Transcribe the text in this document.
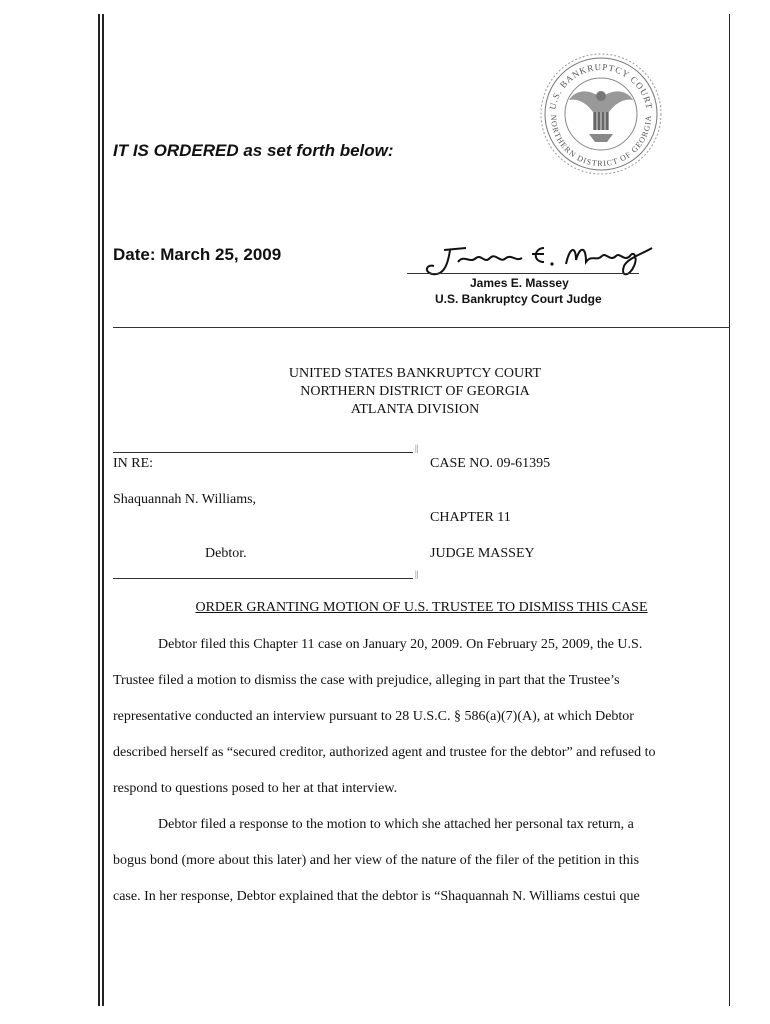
IT IS ORDERED as set forth below:
Date: March 25, 2009
U.S. BANKRUPTCY COURT
NORTHERN DISTRICT OF GEORGIA
James E. Massey
U.S. Bankruptcy Court Judge
UNITED STATES BANKRUPTCY COURT
NORTHERN DISTRICT OF GEORGIA
ATLANTA DIVISION
||
IN RE:	CASE NO. 09-61395
Shaquannah N. Williams,
CHAPTER 11
Debtor.	JUDGE MASSEY
||
ORDER GRANTING MOTION OF U.S. TRUSTEE TO DISMISS THIS CASE
Debtor filed this Chapter 11 case on January 20, 2009. On February 25, 2009, the U.S.
Trustee filed a motion to dismiss the case with prejudice, alleging in part that the Trustee’s
representative conducted an interview pursuant to 28 U.S.C. § 586(a)(7)(A), at which Debtor
described herself as “secured creditor, authorized agent and trustee for the debtor” and refused to
respond to questions posed to her at that interview.
Debtor filed a response to the motion to which she attached her personal tax return, a
bogus bond (more about this later) and her view of the nature of the filer of the petition in this
case. In her response, Debtor explained that the debtor is “Shaquannah N. Williams cestui que
